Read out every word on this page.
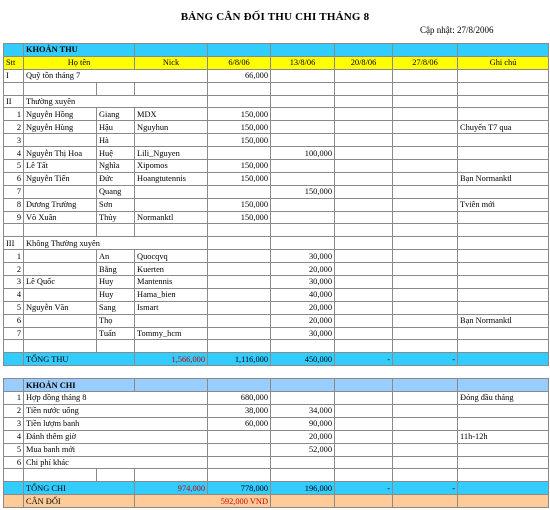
BẢNG CÂN ĐỐI THU CHI THÁNG 8
Cập nhật: 27/8/2006
	KHOẢN THU							
Stt	Họ tên		Nick	6/8/06	13/8/06	20/8/06	27/8/06	Ghi chú
I	Quỹ tồn tháng 7			66,000				

II	Thường xuyên							
1	Nguyễn Hồng	Giang	MDX	150,000				
2	Nguyễn Hùng	Hậu	Nguyhun	150,000				Chuyển T7 qua
3		Hà		150,000				
4	Nguyễn Thị Hoa	Huệ	Lili_Nguyen		100,000			
5	Lê Tất	Nghĩa	Xipomos	150,000				
6	Nguyễn Tiến	Đức	Hoangtutennis	150,000				Bạn Normanktl
7		Quang			150,000			
8	Dương Trường	Sơn		150,000				Tviên mới
9	Võ Xuân	Thủy	Normanktl	150,000				

III	Không Thường xuyên							
1		An	Quocqvq		30,000			
2		Bằng	Kuerten		20,000			
3	Lê Quốc	Huy	Mantennis		30,000			
4		Huy	Hama_bien		40,000			
5	Nguyễn Văn	Sang	Ismart		20,000			
6		Thọ			20,000			Bạn Normanktl
7		Tuấn	Tommy_hcm		30,000			

	TỔNG THU		1,566,000	1,116,000	450,000	-	-	

	KHOẢN CHI							
1	Hợp đồng tháng 8			680,000				Đóng đầu tháng
2	Tiền nước uống			38,000	34,000			
3	Tiền lượm banh			60,000	90,000			
4	Đánh thêm giờ				20,000			11h-12h
5	Mua banh mới				52,000			
6	Chi phí khác							

	TỔNG CHI		974,000	778,000	196,000	-	-	
	CÂN ĐỐI		592,000 VND					
